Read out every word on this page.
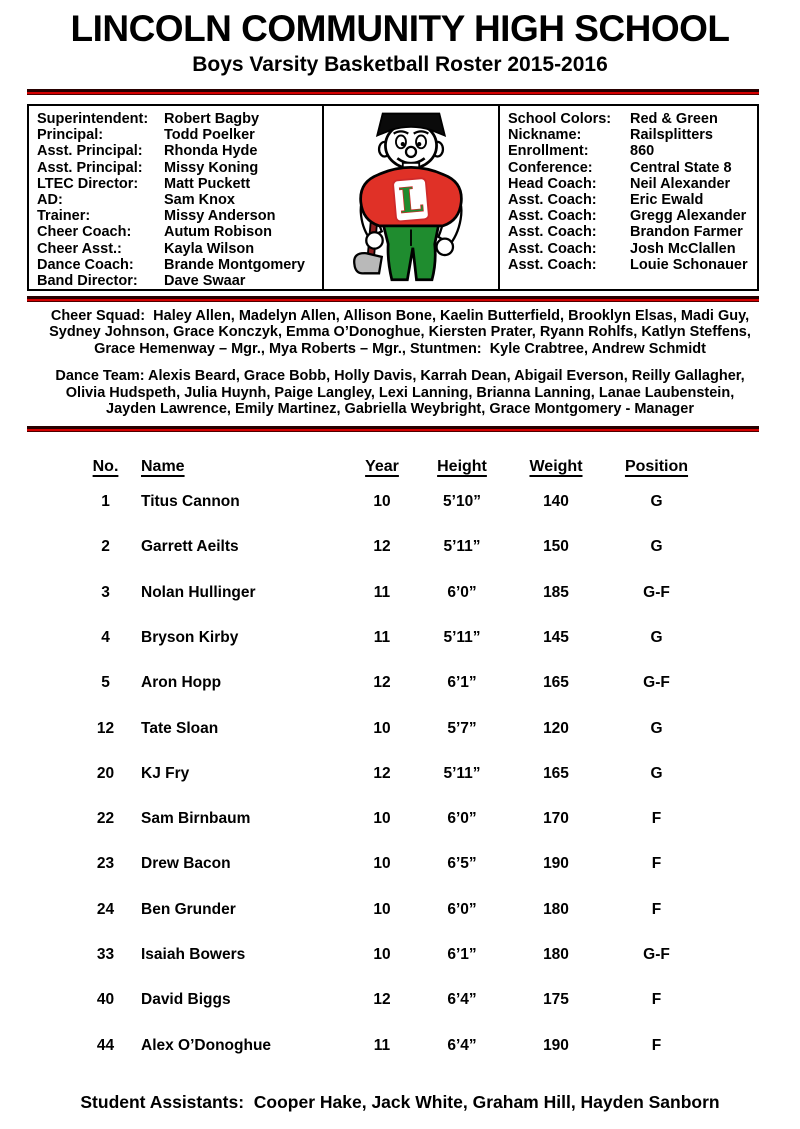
LINCOLN COMMUNITY HIGH SCHOOL
Boys Varsity Basketball Roster 2015-2016
Superintendent:	Robert Bagby
Principal:	Todd Poelker
Asst. Principal:	Rhonda Hyde
Asst. Principal:	Missy Koning
LTEC Director:	Matt Puckett
AD:	Sam Knox
Trainer:	Missy Anderson
Cheer Coach:	Autum Robison
Cheer Asst.:	Kayla Wilson
Dance Coach:	Brande Montgomery
Band Director:	Dave Swaar
L
School Colors:	Red & Green
Nickname:	Railsplitters
Enrollment:	860
Conference:	Central State 8
Head Coach:	Neil Alexander
Asst. Coach:	Eric Ewald
Asst. Coach:	Gregg Alexander
Asst. Coach:	Brandon Farmer
Asst. Coach:	Josh McClallen
Asst. Coach:	Louie Schonauer
Cheer Squad:  Haley Allen, Madelyn Allen, Allison Bone, Kaelin Butterfield, Brooklyn Elsas, Madi Guy,
Sydney Johnson, Grace Konczyk, Emma O’Donoghue, Kiersten Prater, Ryann Rohlfs, Katlyn Steffens,
Grace Hemenway – Mgr., Mya Roberts – Mgr., Stuntmen:  Kyle Crabtree, Andrew Schmidt
Dance Team: Alexis Beard, Grace Bobb, Holly Davis, Karrah Dean, Abigail Everson, Reilly Gallagher,
Olivia Hudspeth, Julia Huynh, Paige Langley, Lexi Lanning, Brianna Lanning, Lanae Laubenstein,
Jayden Lawrence, Emily Martinez, Gabriella Weybright, Grace Montgomery - Manager
No.	Name	Year	Height	Weight	Position
1	Titus Cannon	10	5’10”	140	G
2	Garrett Aeilts	12	5’11”	150	G
3	Nolan Hullinger	11	6’0”	185	G-F
4	Bryson Kirby	11	5’11”	145	G
5	Aron Hopp	12	6’1”	165	G-F
12	Tate Sloan	10	5’7”	120	G
20	KJ Fry	12	5’11”	165	G
22	Sam Birnbaum	10	6’0”	170	F
23	Drew Bacon	10	6’5”	190	F
24	Ben Grunder	10	6’0”	180	F
33	Isaiah Bowers	10	6’1”	180	G-F
40	David Biggs	12	6’4”	175	F
44	Alex O’Donoghue	11	6’4”	190	F
Student Assistants:  Cooper Hake, Jack White, Graham Hill, Hayden Sanborn
